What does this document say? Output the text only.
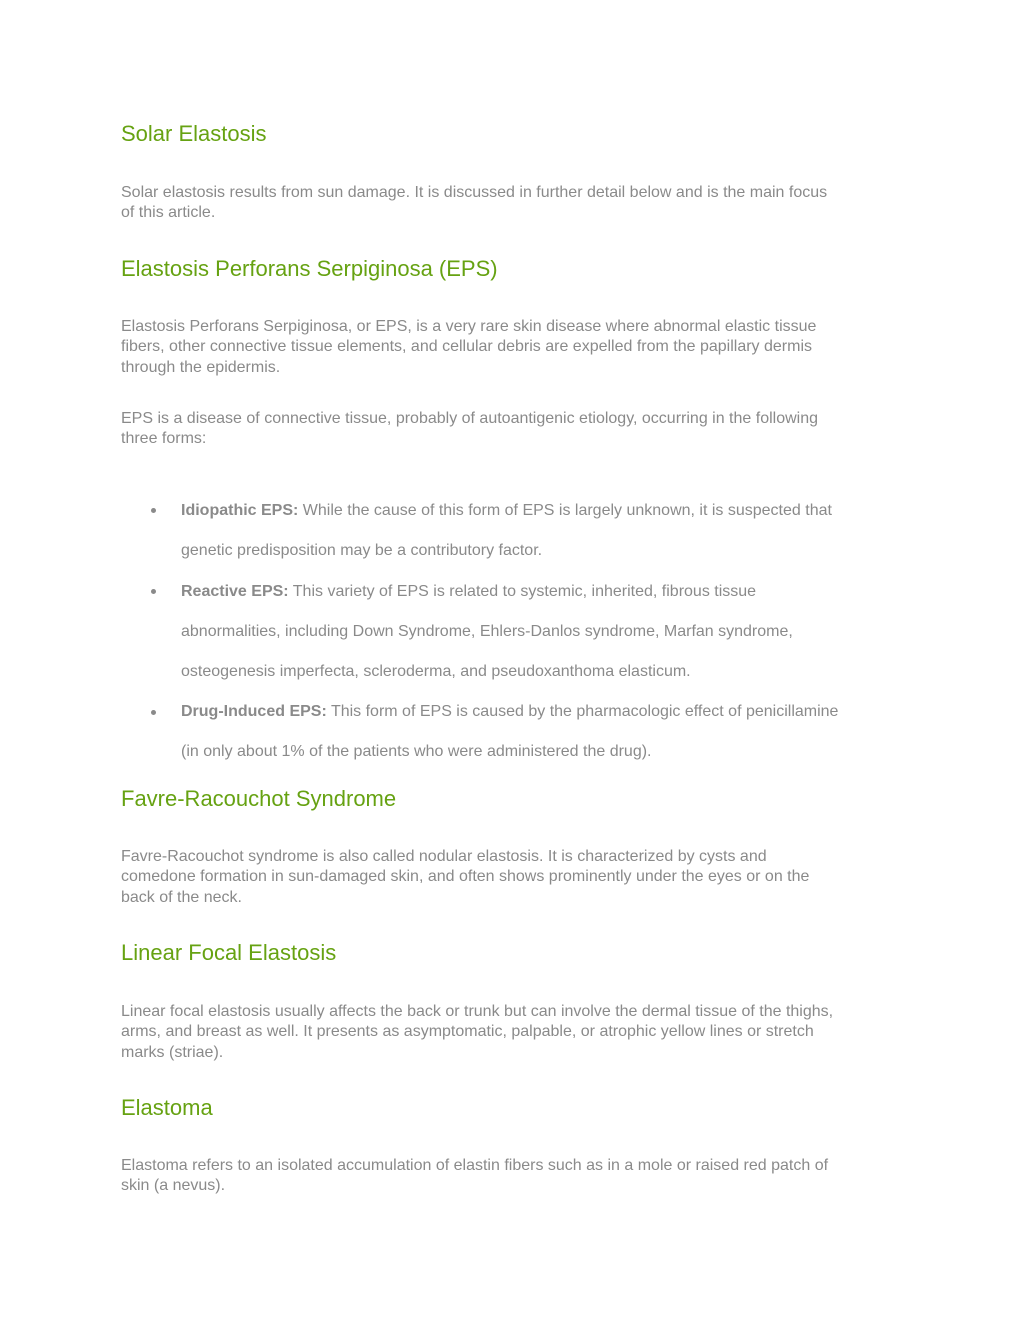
Solar Elastosis
Solar elastosis results from sun damage. It is discussed in further detail below and is the main focus
of this article.
Elastosis Perforans Serpiginosa (EPS)
Elastosis Perforans Serpiginosa, or EPS, is a very rare skin disease where abnormal elastic tissue
fibers, other connective tissue elements, and cellular debris are expelled from the papillary dermis
through the epidermis.
EPS is a disease of connective tissue, probably of autoantigenic etiology, occurring in the following
three forms:
Idiopathic EPS: While the cause of this form of EPS is largely unknown, it is suspected that
genetic predisposition may be a contributory factor.
Reactive EPS: This variety of EPS is related to systemic, inherited, fibrous tissue
abnormalities, including Down Syndrome, Ehlers-Danlos syndrome, Marfan syndrome,
osteogenesis imperfecta, scleroderma, and pseudoxanthoma elasticum.
Drug-Induced EPS: This form of EPS is caused by the pharmacologic effect of penicillamine
(in only about 1% of the patients who were administered the drug).
Favre-Racouchot Syndrome
Favre-Racouchot syndrome is also called nodular elastosis. It is characterized by cysts and
comedone formation in sun-damaged skin, and often shows prominently under the eyes or on the
back of the neck.
Linear Focal Elastosis
Linear focal elastosis usually affects the back or trunk but can involve the dermal tissue of the thighs,
arms, and breast as well. It presents as asymptomatic, palpable, or atrophic yellow lines or stretch
marks (striae).
Elastoma
Elastoma refers to an isolated accumulation of elastin fibers such as in a mole or raised red patch of
skin (a nevus).
